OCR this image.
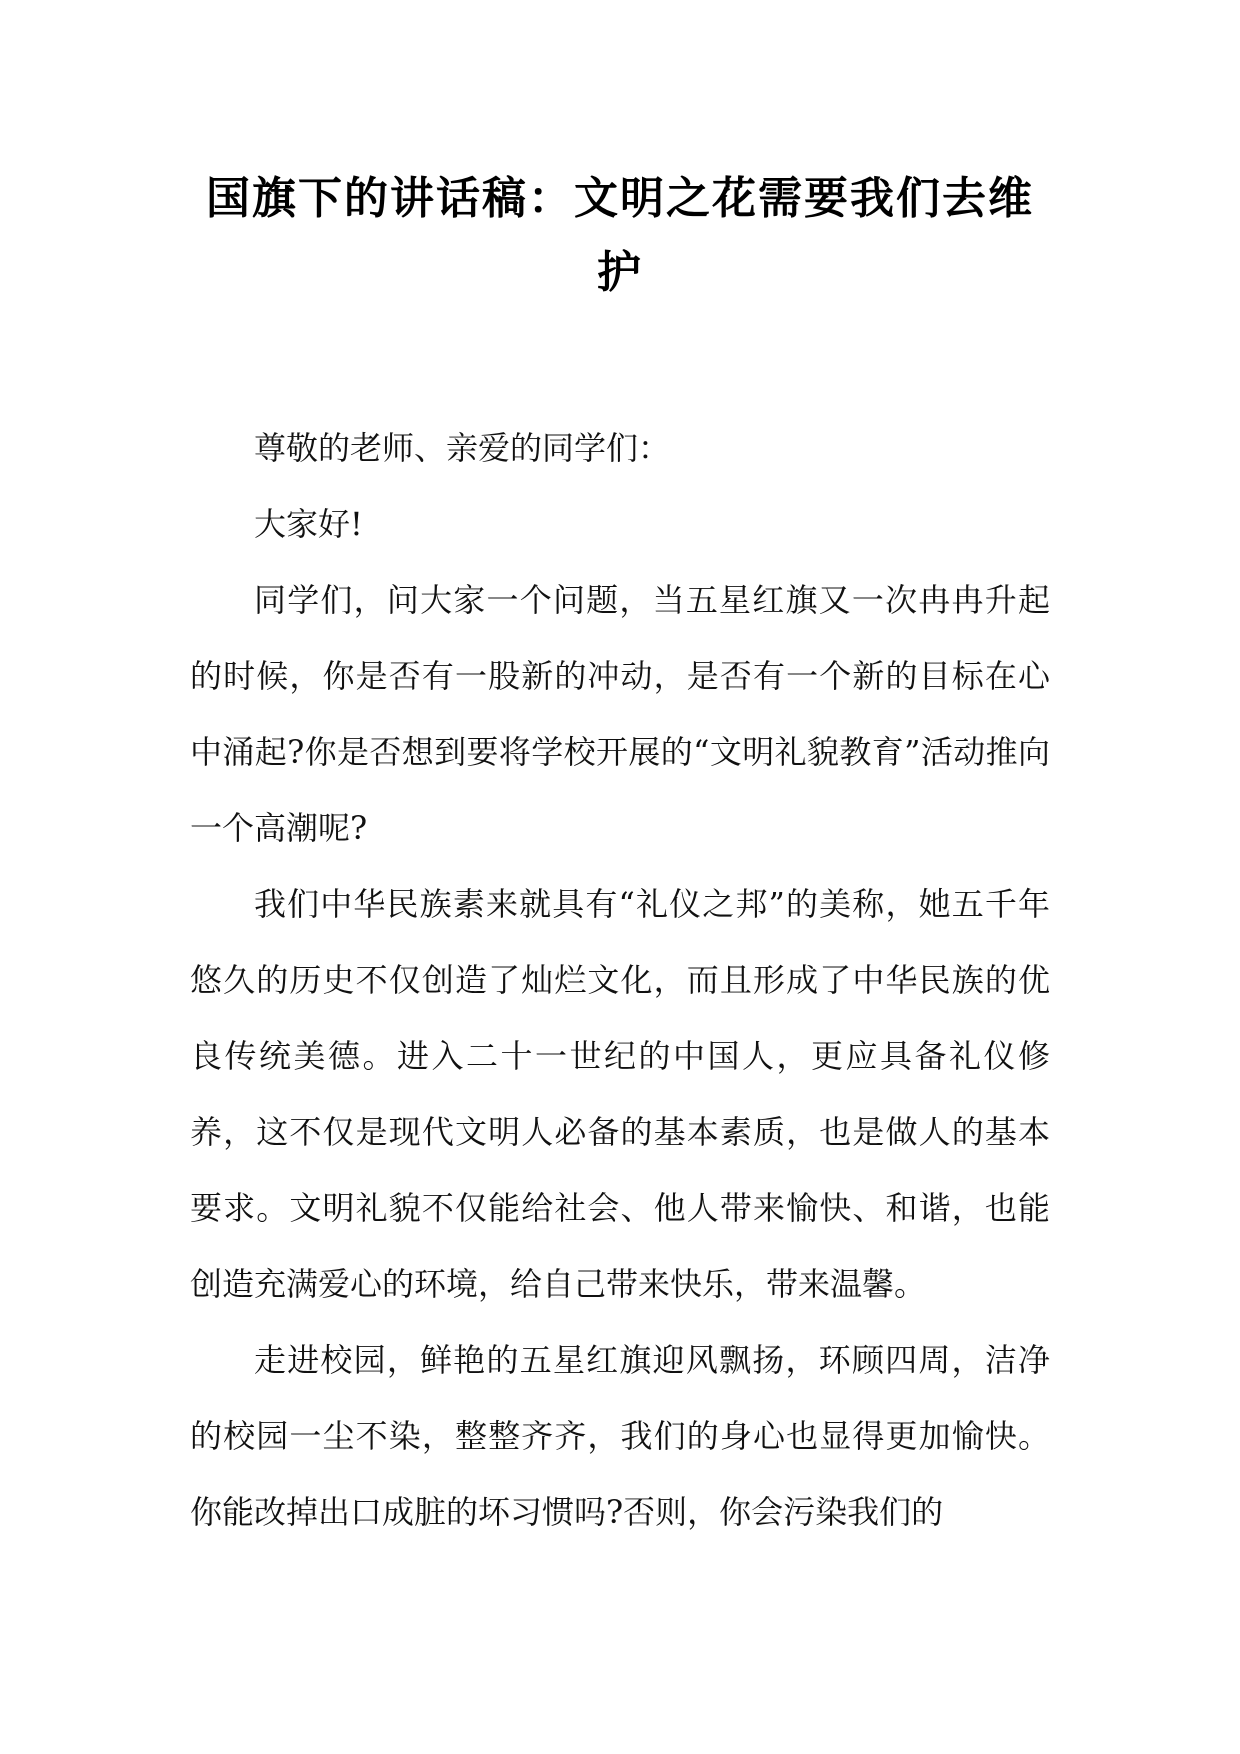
国旗下的讲话稿：文明之花需要我们去维护

尊敬的老师、亲爱的同学们：

大家好!

同学们，问大家一个问题，当五星红旗又一次冉冉升起的时候，你是否有一股新的冲动，是否有一个新的目标在心中涌起?你是否想到要将学校开展的“文明礼貌教育”活动推向一个高潮呢?

我们中华民族素来就具有“礼仪之邦”的美称，她五千年悠久的历史不仅创造了灿烂文化，而且形成了中华民族的优良传统美德。进入二十一世纪的中国人，更应具备礼仪修养，这不仅是现代文明人必备的基本素质，也是做人的基本要求。文明礼貌不仅能给社会、他人带来愉快、和谐，也能创造充满爱心的环境，给自己带来快乐，带来温馨。

走进校园，鲜艳的五星红旗迎风飘扬，环顾四周，洁净的校园一尘不染，整整齐齐，我们的身心也显得更加愉快。你能改掉出口成脏的坏习惯吗?否则，你会污染我们的
